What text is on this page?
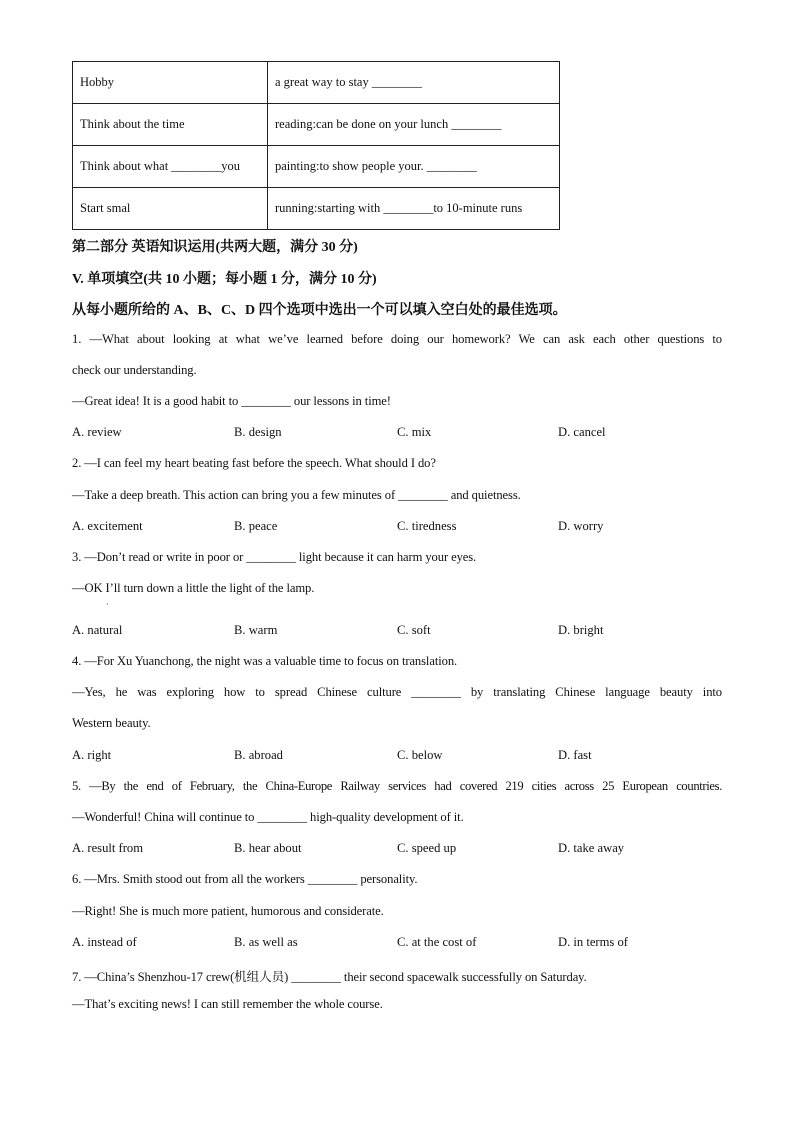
Hobby	a great way to stay ________
Think about the time	reading:can be done on your lunch ________
Think about what ________you	painting:to show people your. ________
Start smal	running:starting with ________to 10-minute runs
第二部分 英语知识运用(共两大题，满分 30 分)
V. 单项填空(共 10 小题；每小题 1 分，满分 10 分)
从每小题所给的 A、B、C、D 四个选项中选出一个可以填入空白处的最佳选项。
1. —What about looking at what we’ve learned before doing our homework? We can ask each other questions to
check our understanding.
—Great idea! It is a good habit to ________ our lessons in time!
A. review	B. design	C. mix	D. cancel
2. —I can feel my heart beating fast before the speech. What should I do?
—Take a deep breath. This action can bring you a few minutes of ________ and quietness.
A. excitement	B. peace	C. tiredness	D. worry
3. —Don’t read or write in poor or ________ light because it can harm your eyes.
—OK I’ll turn down a little the light of the lamp.
·
A. natural	B. warm	C. soft	D. bright
4. —For Xu Yuanchong, the night was a valuable time to focus on translation.
—Yes, he was exploring how to spread Chinese culture ________ by translating Chinese language beauty into
Western beauty.
A. right	B. abroad	C. below	D. fast
5. —By the end of February, the China-Europe Railway services had covered 219 cities across 25 European countries.
—Wonderful! China will continue to ________ high-quality development of it.
A. result from	B. hear about	C. speed up	D. take away
6. —Mrs. Smith stood out from all the workers ________ personality.
—Right! She is much more patient, humorous and considerate.
A. instead of	B. as well as	C. at the cost of	D. in terms of
7. —China’s Shenzhou-17 crew(机组人员) ________ their second spacewalk successfully on Saturday.
—That’s exciting news! I can still remember the whole course.
